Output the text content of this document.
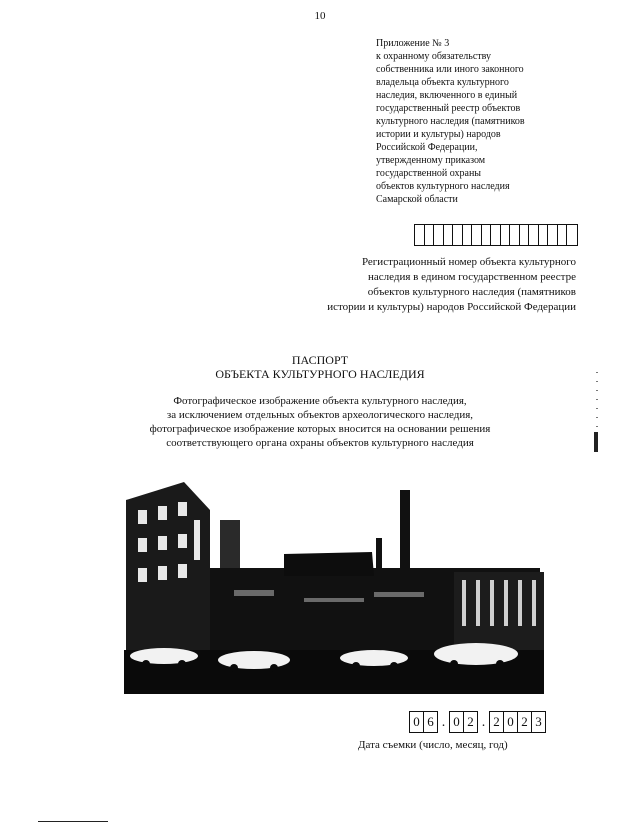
10
Приложение № 3
к охранному обязательству
собственника или иного законного
владельца объекта культурного
наследия, включенного в единый
государственный реестр объектов
культурного наследия (памятников
истории и культуры) народов
Российской Федерации,
утвержденному приказом
государственной охраны
объектов культурного наследия
Самарской области
Регистрационный номер объекта культурного
наследия в едином государственном реестре
объектов культурного наследия (памятников
истории и культуры) народов Российской Федерации
ПАСПОРТ
ОБЪЕКТА КУЛЬТУРНОГО НАСЛЕДИЯ
Фотографическое изображение объекта культурного наследия,
за исключением отдельных объектов археологического наследия,
фотографическое изображение которых вносится на основании решения
соответствующего органа охраны объектов культурного наследия
0 6 . 0 2 . 2 0 2 3
Дата съемки (число, месяц, год)
